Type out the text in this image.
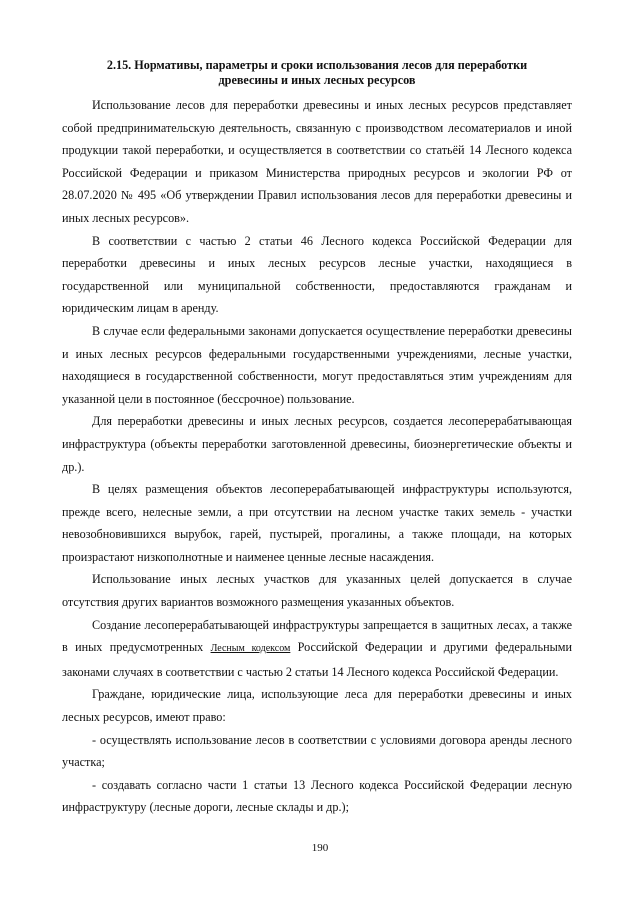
2.15. Нормативы, параметры и сроки использования лесов для переработки
древесины и иных лесных ресурсов

Использование лесов для переработки древесины и иных лесных ресурсов представляет собой предпринимательскую деятельность, связанную с производством лесоматериалов и иной продукции такой переработки, и осуществляется в соответствии со статьёй 14 Лесного кодекса Российской Федерации и приказом Министерства природных ресурсов и экологии РФ от 28.07.2020 № 495 «Об утверждении Правил использования лесов для переработки древесины и иных лесных ресурсов».

В соответствии с частью 2 статьи 46 Лесного кодекса Российской Федерации для переработки древесины и иных лесных ресурсов лесные участки, находящиеся в государственной или муниципальной собственности, предоставляются гражданам и юридическим лицам в аренду.

В случае если федеральными законами допускается осуществление переработки древесины и иных лесных ресурсов федеральными государственными учреждениями, лесные участки, находящиеся в государственной собственности, могут предоставляться этим учреждениям для указанной цели в постоянное (бессрочное) пользование.

Для переработки древесины и иных лесных ресурсов, создается лесоперерабатывающая инфраструктура (объекты переработки заготовленной древесины, биоэнергетические объекты и др.).

В целях размещения объектов лесоперерабатывающей инфраструктуры используются, прежде всего, нелесные земли, а при отсутствии на лесном участке таких земель - участки невозобновившихся вырубок, гарей, пустырей, прогалины, а также площади, на которых произрастают низкополнотные и наименее ценные лесные насаждения.

Использование иных лесных участков для указанных целей допускается в случае отсутствия других вариантов возможного размещения указанных объектов.

Создание лесоперерабатывающей инфраструктуры запрещается в защитных лесах, а также в иных предусмотренных Лесным кодексом Российской Федерации и другими федеральными законами случаях в соответствии с частью 2 статьи 14 Лесного кодекса Российской Федерации.

Граждане, юридические лица, использующие леса для переработки древесины и иных лесных ресурсов, имеют право:

- осуществлять использование лесов в соответствии с условиями договора аренды лесного участка;

- создавать согласно части 1 статьи 13 Лесного кодекса Российской Федерации лесную инфраструктуру (лесные дороги, лесные склады и др.);

190
